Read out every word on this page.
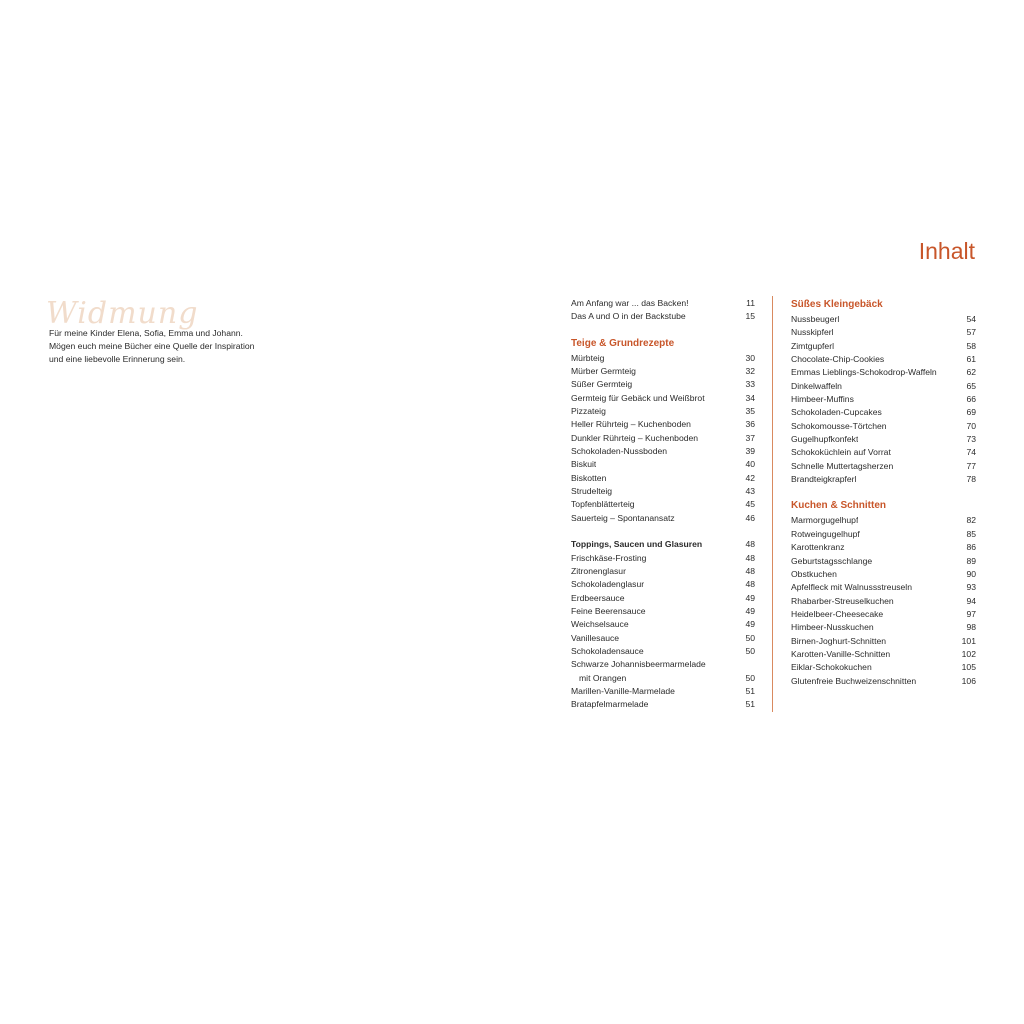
Widmung
Für meine Kinder Elena, Sofia, Emma und Johann.
Mögen euch meine Bücher eine Quelle der Inspiration
und eine liebevolle Erinnerung sein.
Inhalt
Am Anfang war ... das Backen!	11
Das A und O in der Backstube	15
Teige & Grundrezepte
Mürbteig	30
Mürber Germteig	32
Süßer Germteig	33
Germteig für Gebäck und Weißbrot	34
Pizzateig	35
Heller Rührteig – Kuchenboden	36
Dunkler Rührteig – Kuchenboden	37
Schokoladen-Nussboden	39
Biskuit	40
Biskotten	42
Strudelteig	43
Topfenblätterteig	45
Sauerteig – Spontanansatz	46
Toppings, Saucen und Glasuren	48
Frischkäse-Frosting	48
Zitronenglasur	48
Schokoladenglasur	48
Erdbeersauce	49
Feine Beerensauce	49
Weichselsauce	49
Vanillesauce	50
Schokoladensauce	50
Schwarze Johannisbeermarmelade
mit Orangen	50
Marillen-Vanille-Marmelade	51
Bratapfelmarmelade	51
Süßes Kleingebäck
Nussbeugerl	54
Nusskipferl	57
Zimtgupferl	58
Chocolate-Chip-Cookies	61
Emmas Lieblings-Schokodrop-Waffeln	62
Dinkelwaffeln	65
Himbeer-Muffins	66
Schokoladen-Cupcakes	69
Schokomousse-Törtchen	70
Gugelhupfkonfekt	73
Schokoküchlein auf Vorrat	74
Schnelle Muttertagsherzen	77
Brandteigkrapferl	78
Kuchen & Schnitten
Marmorgugelhupf	82
Rotweingugelhupf	85
Karottenkranz	86
Geburtstagsschlange	89
Obstkuchen	90
Apfelfleck mit Walnussstreuseln	93
Rhabarber-Streuselkuchen	94
Heidelbeer-Cheesecake	97
Himbeer-Nusskuchen	98
Birnen-Joghurt-Schnitten	101
Karotten-Vanille-Schnitten	102
Eiklar-Schokokuchen	105
Glutenfreie Buchweizenschnitten	106
